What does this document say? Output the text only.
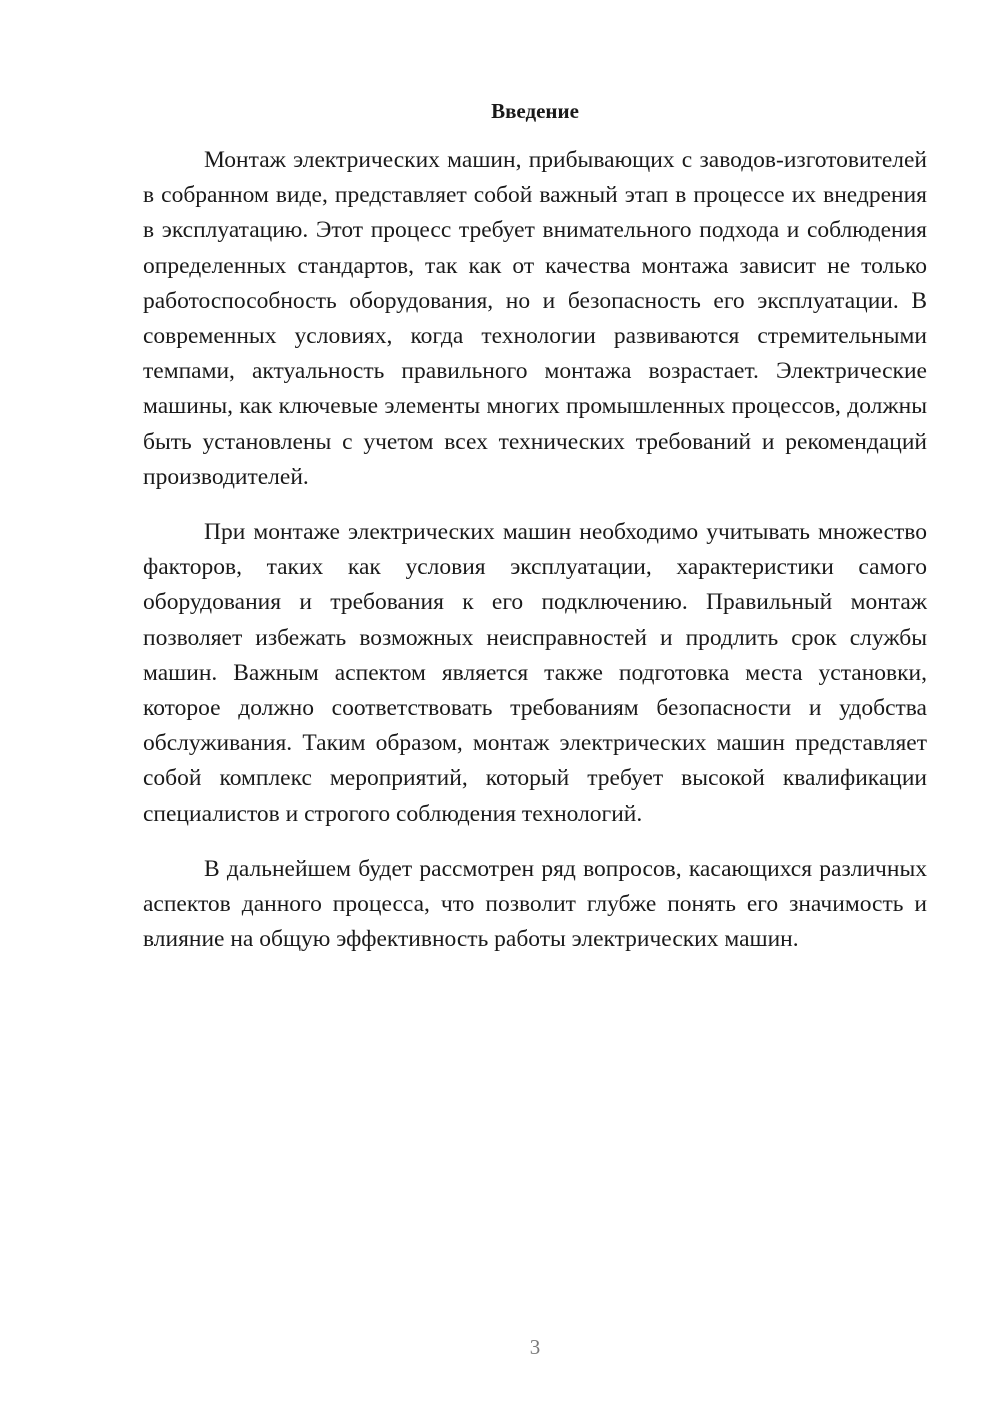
Введение

Монтаж электрических машин, прибывающих с заводов-изготовителей в собранном виде, представляет собой важный этап в процессе их внедрения в эксплуатацию. Этот процесс требует внимательного подхода и соблюдения определенных стандартов, так как от качества монтажа зависит не только работоспособность оборудования, но и безопасность его эксплуатации. В современных условиях, когда технологии развиваются стремительными темпами, актуальность правильного монтажа возрастает. Электрические машины, как ключевые элементы многих промышленных процессов, должны быть установлены с учетом всех технических требований и рекомендаций производителей.

При монтаже электрических машин необходимо учитывать множество факторов, таких как условия эксплуатации, характеристики самого оборудования и требования к его подключению. Правильный монтаж позволяет избежать возможных неисправностей и продлить срок службы машин. Важным аспектом является также подготовка места установки, которое должно соответствовать требованиям безопасности и удобства обслуживания. Таким образом, монтаж электрических машин представляет собой комплекс мероприятий, который требует высокой квалификации специалистов и строгого соблюдения технологий.

В дальнейшем будет рассмотрен ряд вопросов, касающихся различных аспектов данного процесса, что позволит глубже понять его значимость и влияние на общую эффективность работы электрических машин.

3
